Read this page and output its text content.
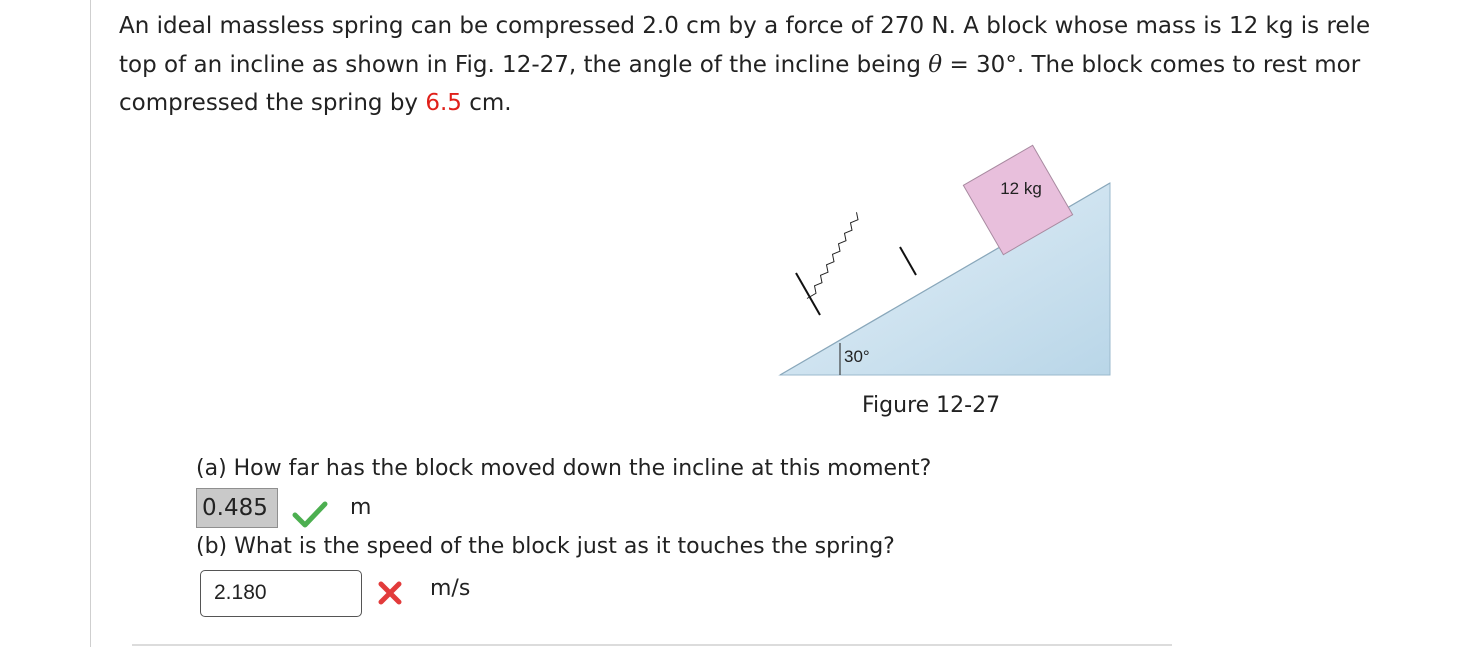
An ideal massless spring can be compressed 2.0 cm by a force of 270 N. A block whose mass is 12 kg is rele
top of an incline as shown in Fig. 12-27, the angle of the incline being θ = 30°. The block comes to rest mor
compressed the spring by 6.5 cm.
12 kg
30°
Figure 12-27
(a) How far has the block moved down the incline at this moment?
0.485	m
(b) What is the speed of the block just as it touches the spring?
2.180	m/s
